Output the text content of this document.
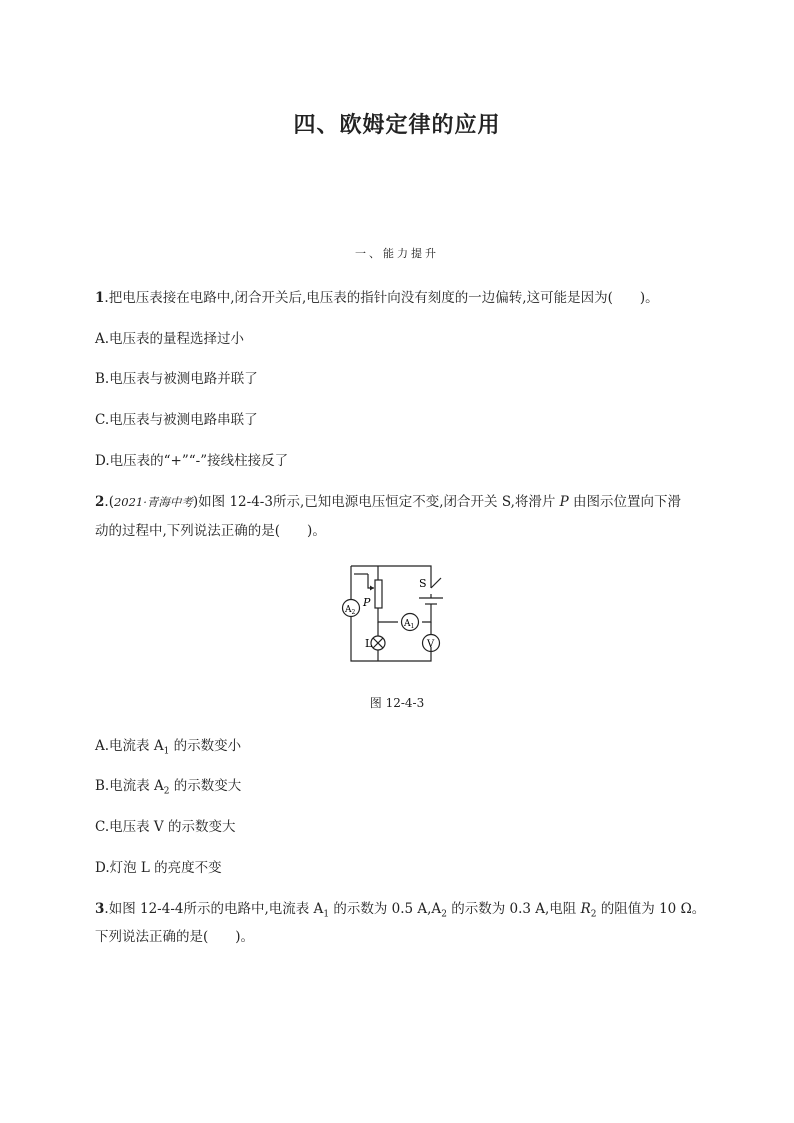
四、欧姆定律的应用
一、能力提升
1.把电压表接在电路中,闭合开关后,电压表的指针向没有刻度的一边偏转,这可能是因为(　　)。
A.电压表的量程选择过小
B.电压表与被测电路并联了
C.电压表与被测电路串联了
D.电压表的“+”“-”接线柱接反了
2.(2021·青海中考)如图 12-4-3所示,已知电源电压恒定不变,闭合开关 S,将滑片 P 由图示位置向下滑
动的过程中,下列说法正确的是(　　)。
S
P
L	V
$A_2$
$A_1$
图 12-4-3
A.电流表 $A_1$ 的示数变小
B.电流表 $A_2$ 的示数变大
C.电压表 V 的示数变大
D.灯泡 L 的亮度不变
3.如图 12-4-4所示的电路中,电流表 $A_1$ 的示数为 0.5 $A,A_2$ 的示数为 0.3 A,电阻 $R_2$ 的阻值为 10 Ω。
下列说法正确的是(　　)。
